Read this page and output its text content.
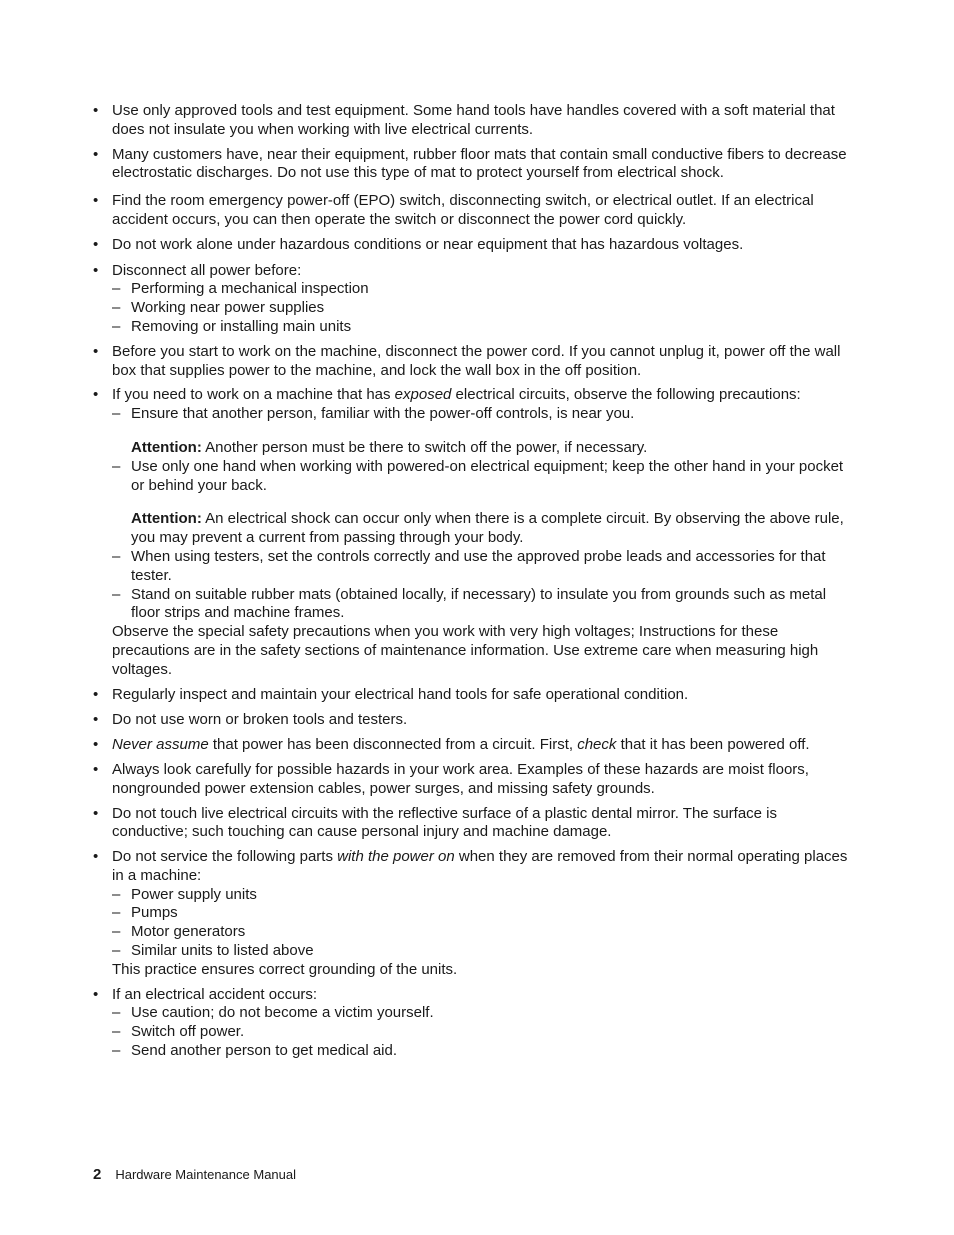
• Use only approved tools and test equipment. Some hand tools have handles covered with a soft material that does not insulate you when working with live electrical currents.
• Many customers have, near their equipment, rubber floor mats that contain small conductive fibers to decrease electrostatic discharges. Do not use this type of mat to protect yourself from electrical shock.
• Find the room emergency power-off (EPO) switch, disconnecting switch, or electrical outlet. If an electrical accident occurs, you can then operate the switch or disconnect the power cord quickly.
• Do not work alone under hazardous conditions or near equipment that has hazardous voltages.
• Disconnect all power before:
– Performing a mechanical inspection
– Working near power supplies
– Removing or installing main units
• Before you start to work on the machine, disconnect the power cord. If you cannot unplug it, power off the wall box that supplies power to the machine, and lock the wall box in the off position.
• If you need to work on a machine that has exposed electrical circuits, observe the following precautions:
– Ensure that another person, familiar with the power-off controls, is near you.
Attention: Another person must be there to switch off the power, if necessary.
– Use only one hand when working with powered-on electrical equipment; keep the other hand in your pocket or behind your back.
Attention: An electrical shock can occur only when there is a complete circuit. By observing the above rule, you may prevent a current from passing through your body.
– When using testers, set the controls correctly and use the approved probe leads and accessories for that tester.
– Stand on suitable rubber mats (obtained locally, if necessary) to insulate you from grounds such as metal floor strips and machine frames.
Observe the special safety precautions when you work with very high voltages; Instructions for these precautions are in the safety sections of maintenance information. Use extreme care when measuring high voltages.
• Regularly inspect and maintain your electrical hand tools for safe operational condition.
• Do not use worn or broken tools and testers.
• Never assume that power has been disconnected from a circuit. First, check that it has been powered off.
• Always look carefully for possible hazards in your work area. Examples of these hazards are moist floors, nongrounded power extension cables, power surges, and missing safety grounds.
• Do not touch live electrical circuits with the reflective surface of a plastic dental mirror. The surface is conductive; such touching can cause personal injury and machine damage.
• Do not service the following parts with the power on when they are removed from their normal operating places in a machine:
– Power supply units
– Pumps
– Motor generators
– Similar units to listed above
This practice ensures correct grounding of the units.
• If an electrical accident occurs:
– Use caution; do not become a victim yourself.
– Switch off power.
– Send another person to get medical aid.
2 Hardware Maintenance Manual
